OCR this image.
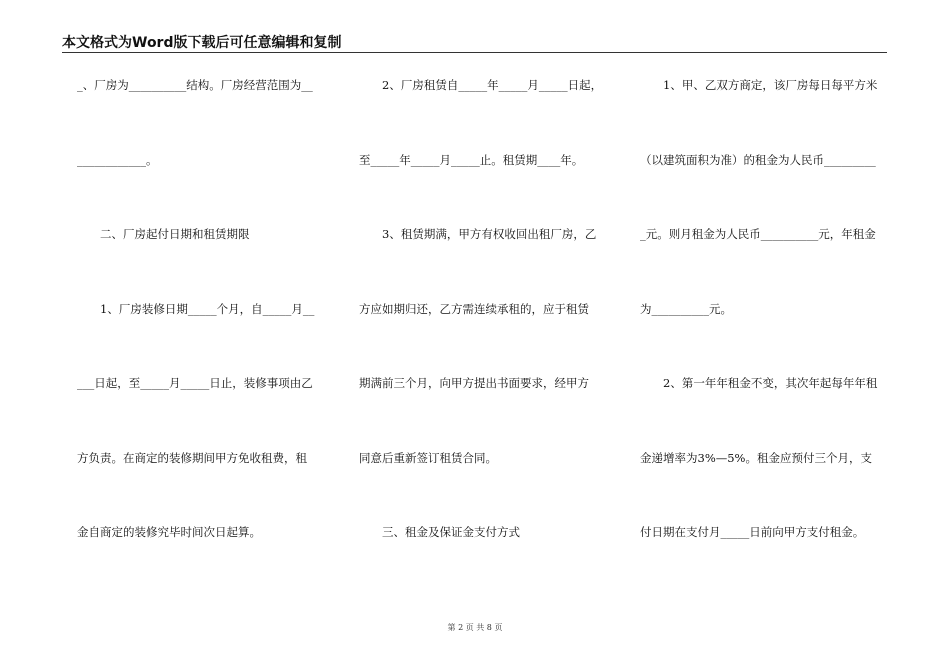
本文格式为Word版下载后可任意编辑和复制
_、厂房为__________结构。厂房经营范围为__
____________。
　　二、厂房起付日期和租赁期限
　　1、厂房装修日期_____个月，自_____月__
___日起，至_____月_____日止，装修事项由乙
方负责。在商定的装修期间甲方免收租费，租
金自商定的装修究毕时间次日起算。
　　2、厂房租赁自_____年_____月_____日起，
至_____年_____月_____止。租赁期____年。
　　3、租赁期满，甲方有权收回出租厂房，乙
方应如期归还，乙方需连续承租的，应于租赁
期满前三个月，向甲方提出书面要求，经甲方
同意后重新签订租赁合同。
　　三、租金及保证金支付方式
　　1、甲、乙双方商定，该厂房每日每平方米
（以建筑面积为准）的租金为人民币_________
_元。则月租金为人民币__________元，年租金
为__________元。
　　2、第一年年租金不变，其次年起每年年租
金递增率为3%—5%。租金应预付三个月，支
付日期在支付月_____日前向甲方支付租金。
第 2 页 共 8 页
